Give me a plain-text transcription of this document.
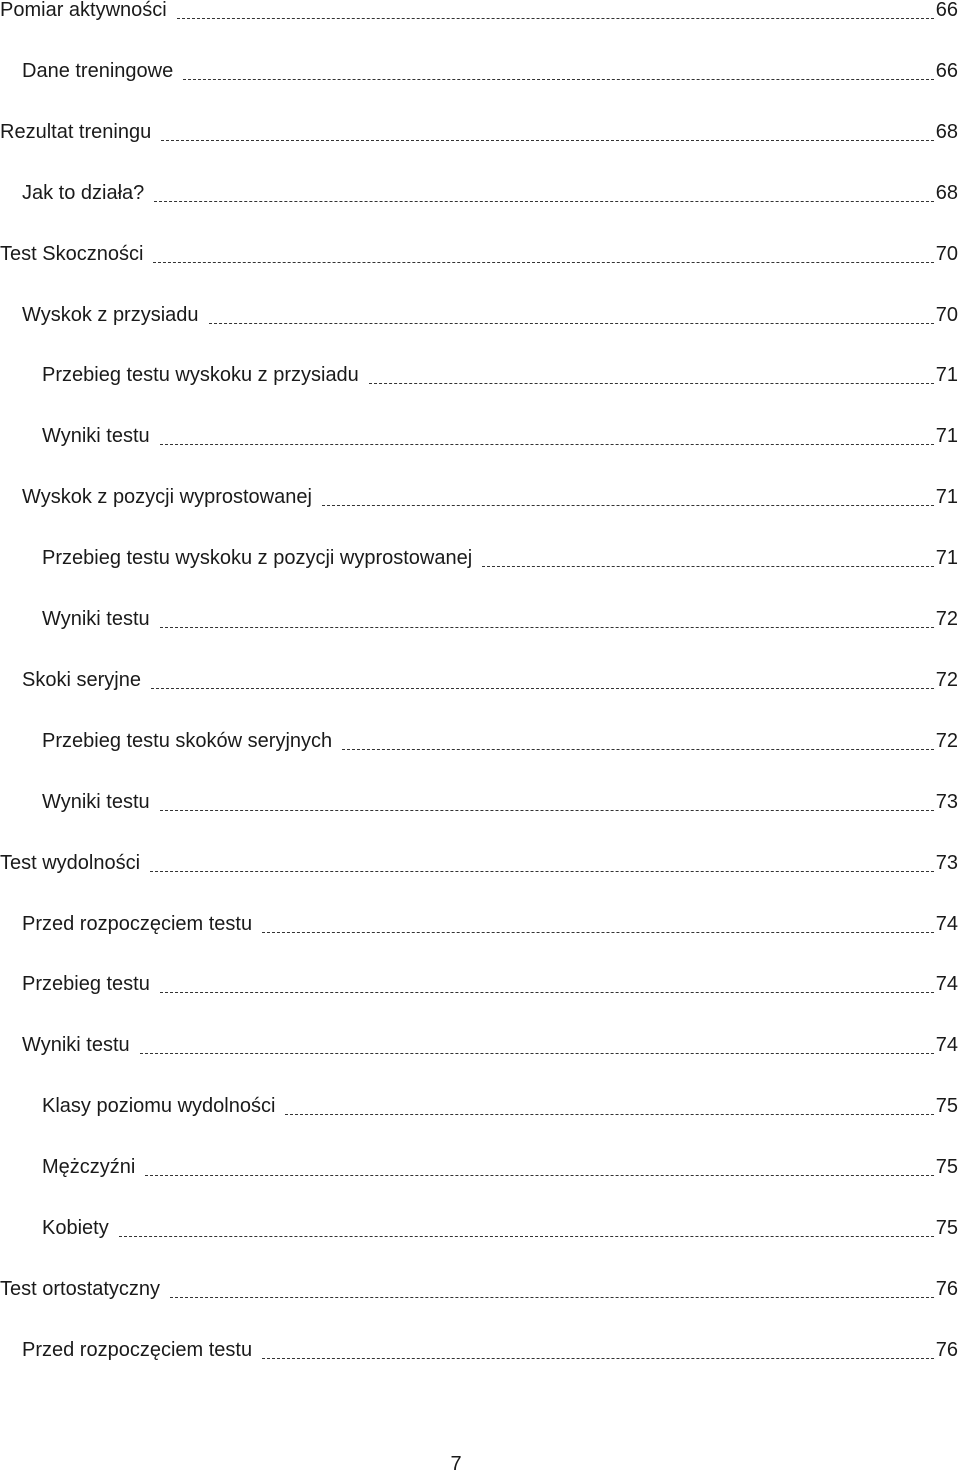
Pomiar aktywności	66
Dane treningowe	66
Rezultat treningu	68
Jak to działa?	68
Test Skoczności	70
Wyskok z przysiadu	70
Przebieg testu wyskoku z przysiadu	71
Wyniki testu	71
Wyskok z pozycji wyprostowanej	71
Przebieg testu wyskoku z pozycji wyprostowanej	71
Wyniki testu	72
Skoki seryjne	72
Przebieg testu skoków seryjnych	72
Wyniki testu	73
Test wydolności	73
Przed rozpoczęciem testu	74
Przebieg testu	74
Wyniki testu	74
Klasy poziomu wydolności	75
Mężczyźni	75
Kobiety	75
Test ortostatyczny	76
Przed rozpoczęciem testu	76
7
